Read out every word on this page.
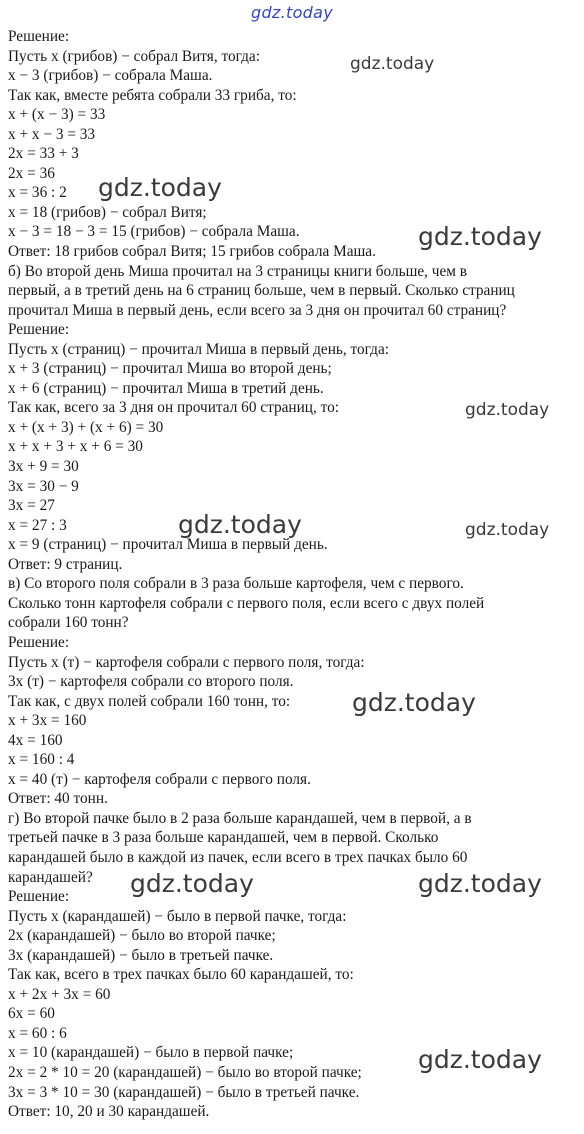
gdz.today
Решение:
Пусть x (грибов) − собрал Витя, тогда:
x − 3 (грибов) − собрала Маша.
Так как, вместе ребята собрали 33 гриба, то:
x + (x − 3) = 33
x + x − 3 = 33
2x = 33 + 3
2x = 36
x = 36 : 2
x = 18 (грибов) − собрал Витя;
x − 3 = 18 − 3 = 15 (грибов) − собрала Маша.
Ответ: 18 грибов собрал Витя; 15 грибов собрала Маша.
б) Во второй день Миша прочитал на 3 страницы книги больше, чем в
первый, а в третий день на 6 страниц больше, чем в первый. Сколько страниц
прочитал Миша в первый день, если всего за 3 дня он прочитал 60 страниц?
Решение:
Пусть x (страниц) − прочитал Миша в первый день, тогда:
x + 3 (страниц) − прочитал Миша во второй день;
x + 6 (страниц) − прочитал Миша в третий день.
Так как, всего за 3 дня он прочитал 60 страниц, то:
x + (x + 3) + (x + 6) = 30
x + x + 3 + x + 6 = 30
3x + 9 = 30
3x = 30 − 9
3x = 27
x = 27 : 3
x = 9 (страниц) − прочитал Миша в первый день.
Ответ: 9 страниц.
в) Со второго поля собрали в 3 раза больше картофеля, чем с первого.
Сколько тонн картофеля собрали с первого поля, если всего с двух полей
собрали 160 тонн?
Решение:
Пусть x (т) − картофеля собрали с первого поля, тогда:
3x (т) − картофеля собрали со второго поля.
Так как, с двух полей собрали 160 тонн, то:
x + 3x = 160
4x = 160
x = 160 : 4
x = 40 (т) − картофеля собрали с первого поля.
Ответ: 40 тонн.
г) Во второй пачке было в 2 раза больше карандашей, чем в первой, а в
третьей пачке в 3 раза больше карандашей, чем в первой. Сколько
карандашей было в каждой из пачек, если всего в трех пачках было 60
карандашей?
Решение:
Пусть x (карандашей) − было в первой пачке, тогда:
2x (карандашей) − было во второй пачке;
3x (карандашей) − было в третьей пачке.
Так как, всего в трех пачках было 60 карандашей, то:
x + 2x + 3x = 60
6x = 60
x = 60 : 6
x = 10 (карандашей) − было в первой пачке;
2x = 2 * 10 = 20 (карандашей) − было во второй пачке;
3x = 3 * 10 = 30 (карандашей) − было в третьей пачке.
Ответ: 10, 20 и 30 карандашей.
gdz.today
gdz.today
gdz.today
gdz.today
gdz.today	gdz.today
gdz.today
gdz.today	gdz.today
gdz.today
